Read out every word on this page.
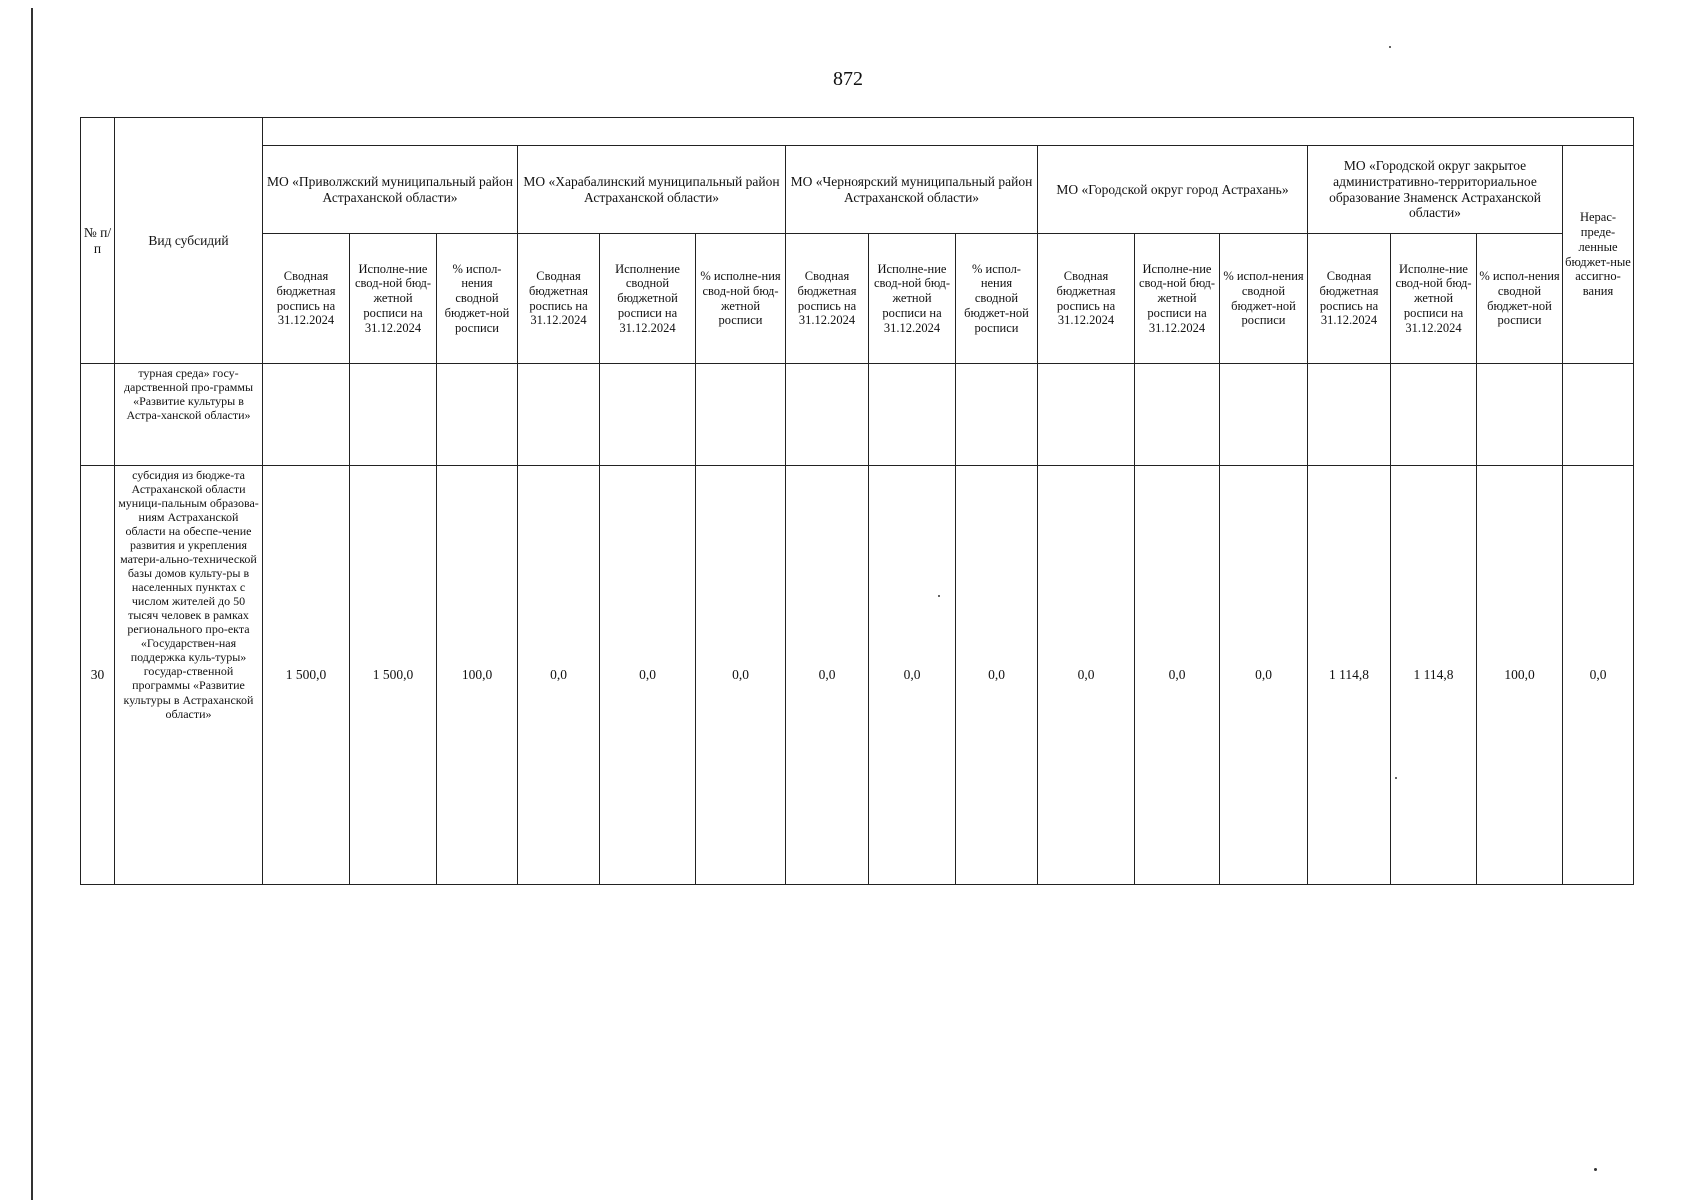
872
№ п/п	Вид субсидий																
		МО «Приволжский муниципальный район Астраханской области»			МО «Харабалинский муниципальный район Астраханской области»			МО «Черноярский муниципальный район Астраханской области»			МО «Городской округ город Астрахань»			МО «Городской округ закрытое административно-территориальное образование Знаменск Астраханской области»			Нерас-преде-ленные бюджет-ные ассигно-вания
		Сводная бюджетная роспись на 31.12.2024	Исполне-ние свод-ной бюд-жетной росписи на 31.12.2024	% испол-нения сводной бюджет-ной росписи	Сводная бюджетная роспись на 31.12.2024	Исполнение сводной бюджетной росписи на 31.12.2024	% исполне-ния свод-ной бюд-жетной росписи	Сводная бюджетная роспись на 31.12.2024	Исполне-ние свод-ной бюд-жетной росписи на 31.12.2024	% испол-нения сводной бюджет-ной росписи	Сводная бюджетная роспись на 31.12.2024	Исполне-ние свод-ной бюд-жетной росписи на 31.12.2024	% испол-нения сводной бюджет-ной росписи	Сводная бюджетная роспись на 31.12.2024	Исполне-ние свод-ной бюд-жетной росписи на 31.12.2024	% испол-нения сводной бюджет-ной росписи	
	турная среда» госу-дарственной про-граммы «Развитие культуры в Астра-ханской области»																
30	субсидия из бюдже-та Астраханской области муници-пальным образова-ниям Астраханской области на обеспе-чение развития и укрепления матери-ально-технической базы домов культу-ры в населенных пунктах с числом жителей до 50 тысяч человек в рамках регионального про-екта «Государствен-ная поддержка куль-туры» государ-ственной программы «Развитие культуры в Астраханской области»	1 500,0	1 500,0	100,0	0,0	0,0	0,0	0,0	0,0	0,0	0,0	0,0	0,0	1 114,8	1 114,8	100,0	0,0
